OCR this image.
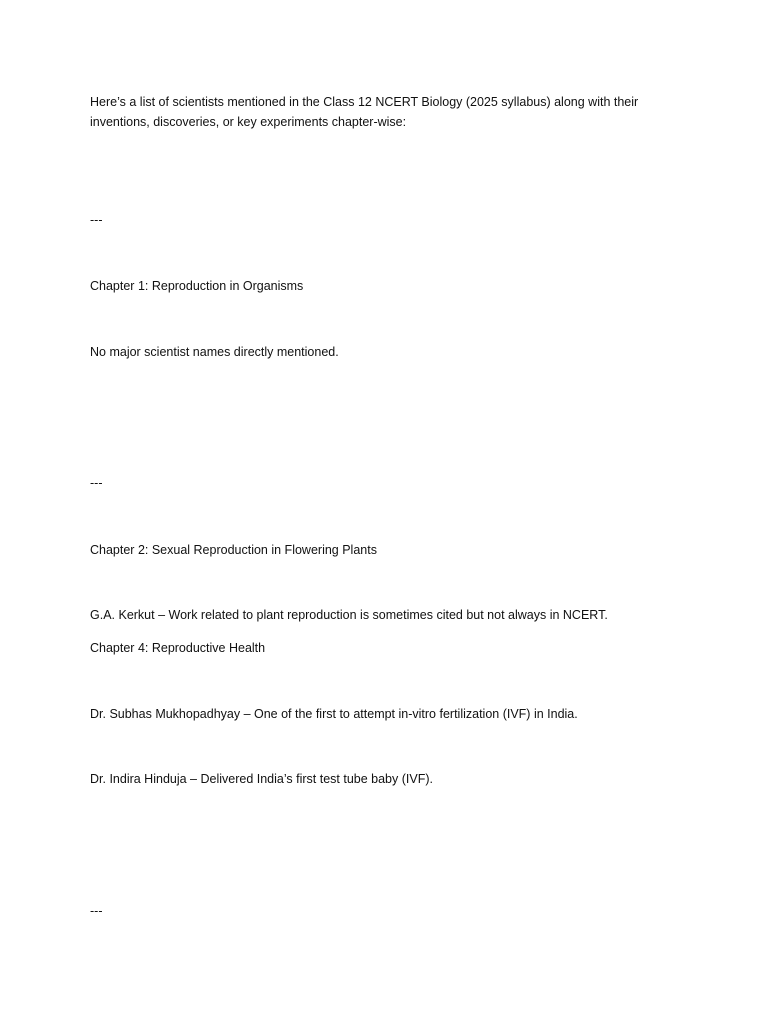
Here’s a list of scientists mentioned in the Class 12 NCERT Biology (2025 syllabus) along with their inventions, discoveries, or key experiments chapter-wise:
---
Chapter 1: Reproduction in Organisms
No major scientist names directly mentioned.
---
Chapter 2: Sexual Reproduction in Flowering Plants
G.A. Kerkut – Work related to plant reproduction is sometimes cited but not always in NCERT.
Chapter 4: Reproductive Health
Dr. Subhas Mukhopadhyay – One of the first to attempt in-vitro fertilization (IVF) in India.
Dr. Indira Hinduja – Delivered India’s first test tube baby (IVF).
---
